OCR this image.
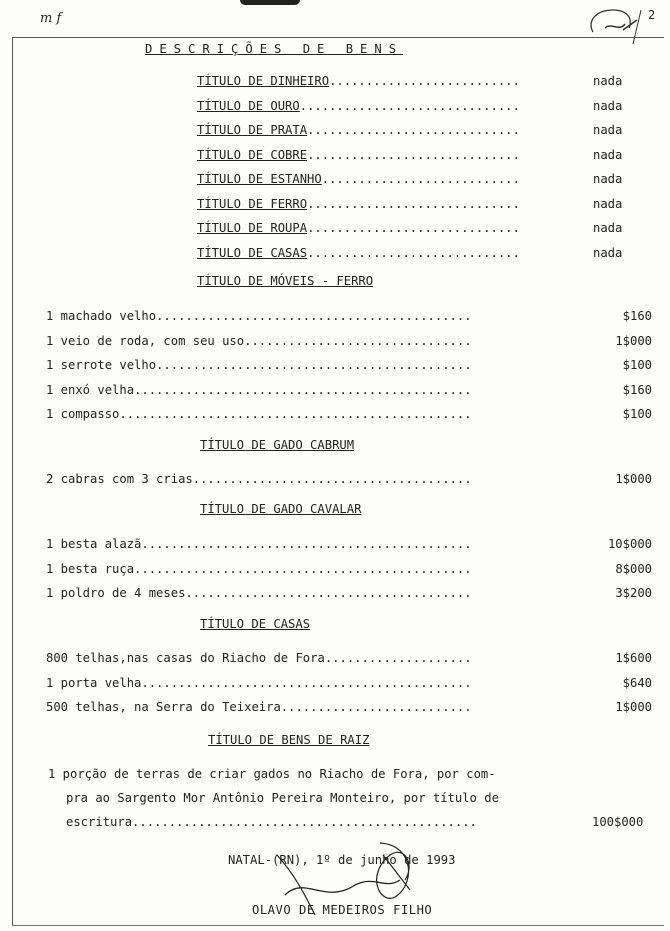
m f	2
DESCRIÇÕES DE BENS
TÍTULO DE DINHEIRO..........................	nada
TÍTULO DE OURO..............................	nada
TÍTULO DE PRATA.............................	nada
TÍTULO DE COBRE.............................	nada
TÍTULO DE ESTANHO...........................	nada
TÍTULO DE FERRO.............................	nada
TÍTULO DE ROUPA.............................	nada
TÍTULO DE CASAS.............................	nada
TÍTULO DE MÓVEIS - FERRO
1 machado velho...........................................	$160
1 veio de roda, com seu uso...............................	1$000
1 serrote velho...........................................	$100
1 enxó velha..............................................	$160
1 compasso................................................	$100
TÍTULO DE GADO CABRUM
2 cabras com 3 crias......................................	1$000
TÍTULO DE GADO CAVALAR
1 besta alazã.............................................	10$000
1 besta ruça..............................................	8$000
1 poldro de 4 meses.......................................	3$200
TÍTULO DE CASAS
800 telhas,nas casas do Riacho de Fora....................	1$600
1 porta velha.............................................	$640
500 telhas, na Serra do Teixeira..........................	1$000
TÍTULO DE BENS DE RAIZ
1 porção de terras de criar gados no Riacho de Fora, por com-
pra ao Sargento Mor Antônio Pereira Monteiro, por título de
escritura...............................................	100$000
NATAL-(RN), 1º de junho de 1993
OLAVO DE MEDEIROS FILHO
